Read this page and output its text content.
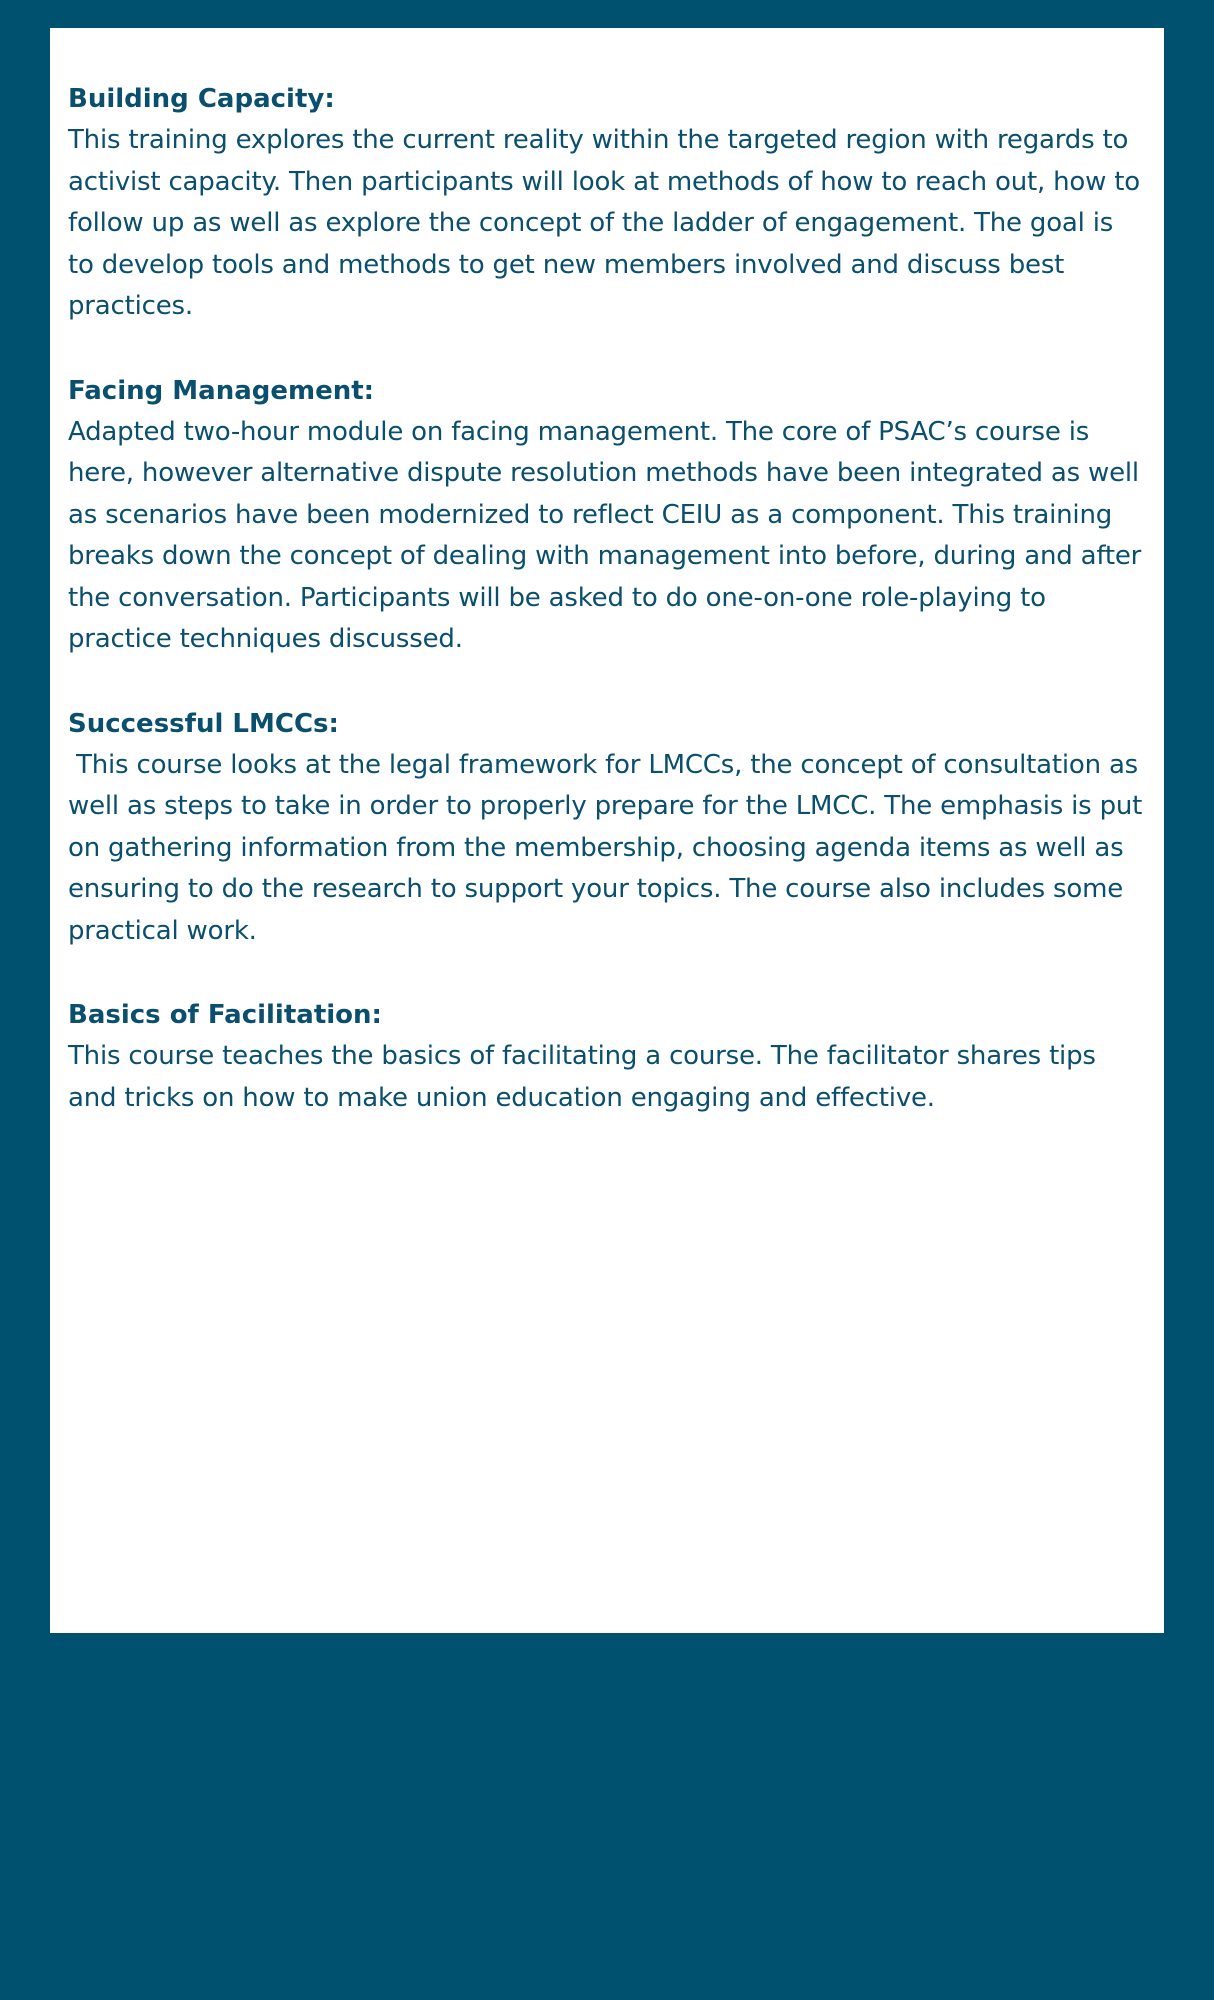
Building Capacity:

This training explores the current reality within the targeted region with regards to activist capacity. Then participants will look at methods of how to reach out, how to follow up as well as explore the concept of the ladder of engagement. The goal is to develop tools and methods to get new members involved and discuss best practices.

Facing Management:

Adapted two-hour module on facing management. The core of PSAC’s course is here, however alternative dispute resolution methods have been integrated as well as scenarios have been modernized to reflect CEIU as a component. This training breaks down the concept of dealing with management into before, during and after the conversation. Participants will be asked to do one-on-one role-playing to practice techniques discussed.

Successful LMCCs:

This course looks at the legal framework for LMCCs, the concept of consultation as well as steps to take in order to properly prepare for the LMCC. The emphasis is put on gathering information from the membership, choosing agenda items as well as ensuring to do the research to support your topics. The course also includes some practical work.

Basics of Facilitation:

This course teaches the basics of facilitating a course. The facilitator shares tips and tricks on how to make union education engaging and effective.
